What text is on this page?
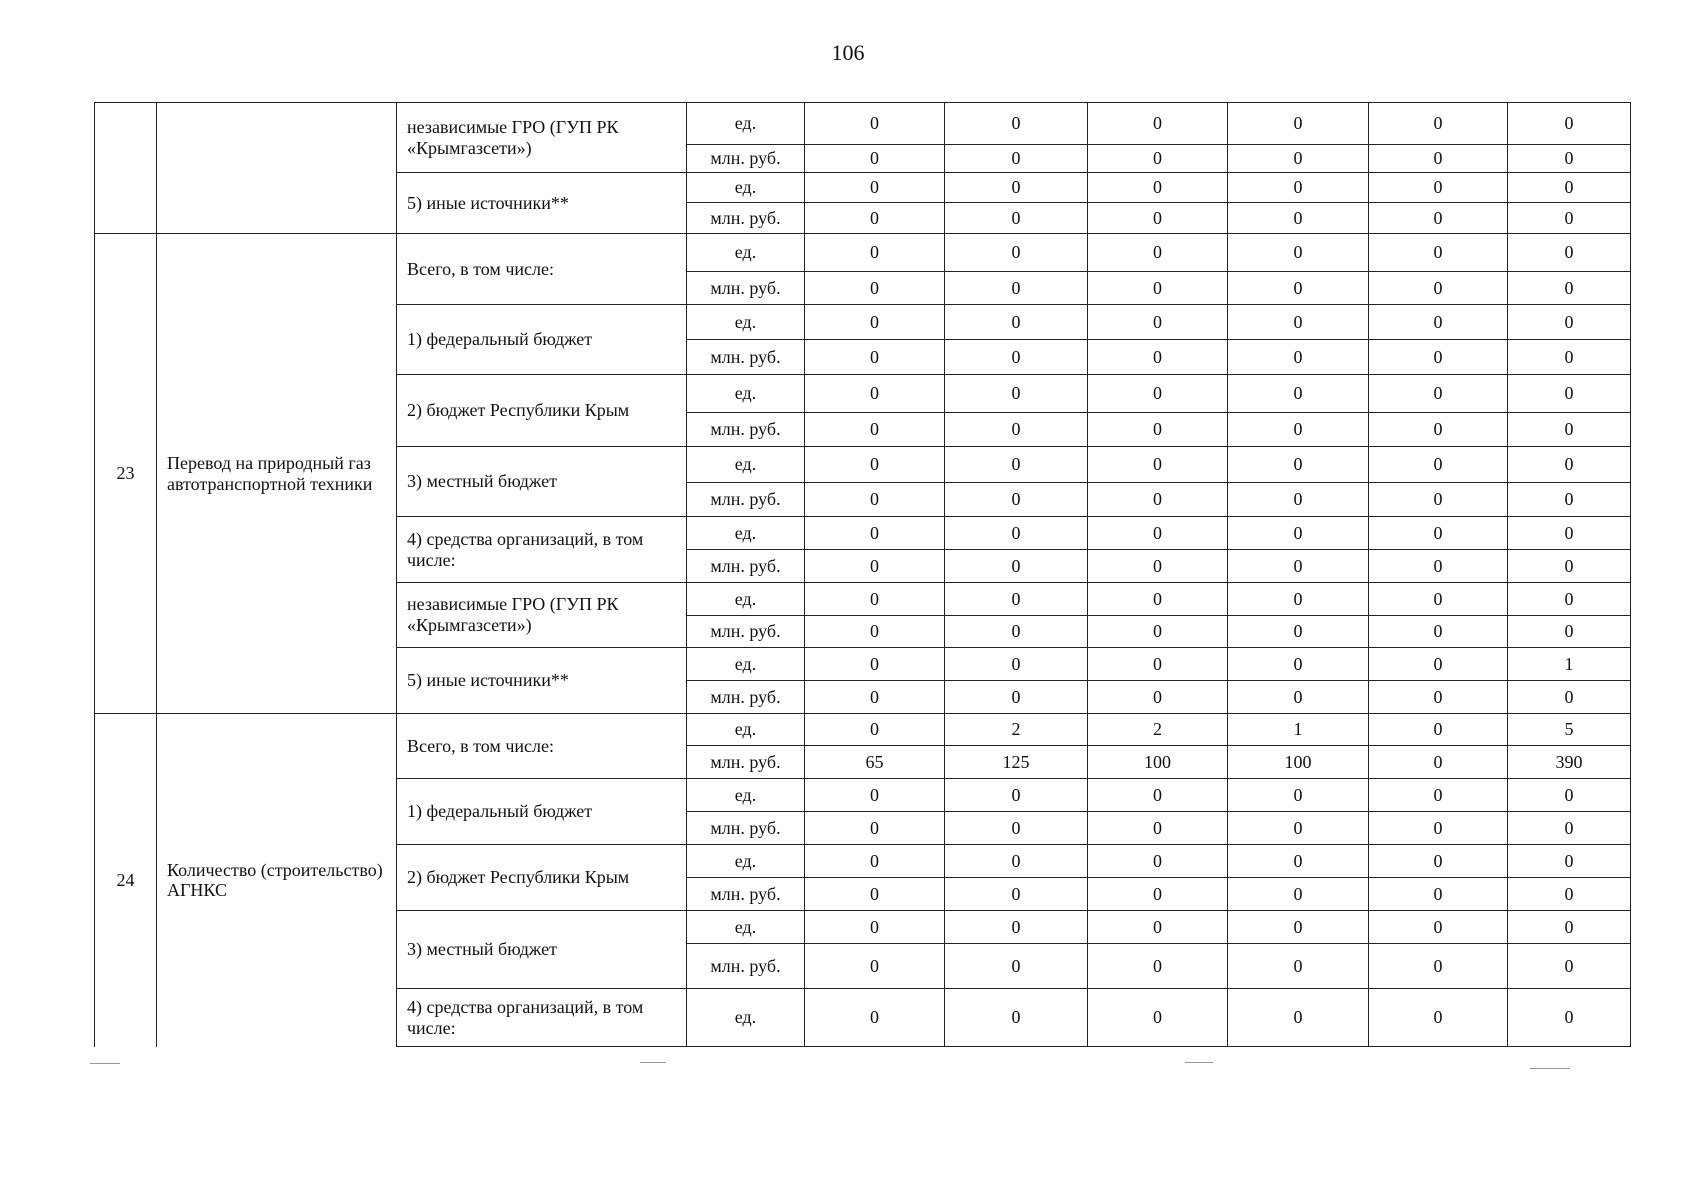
106
		независимые ГРО (ГУП РК «Крымгазсети»)	ед.	0	0	0	0	0	0
			млн. руб.	0	0	0	0	0	0
		5) иные источники**	ед.	0	0	0	0	0	0
			млн. руб.	0	0	0	0	0	0
23	Перевод на природный газ автотранспортной техники	Всего, в том числе:	ед.	0	0	0	0	0	0
			млн. руб.	0	0	0	0	0	0
		1) федеральный бюджет	ед.	0	0	0	0	0	0
			млн. руб.	0	0	0	0	0	0
		2) бюджет Республики Крым	ед.	0	0	0	0	0	0
			млн. руб.	0	0	0	0	0	0
		3) местный бюджет	ед.	0	0	0	0	0	0
			млн. руб.	0	0	0	0	0	0
		4) средства организаций, в том числе:	ед.	0	0	0	0	0	0
			млн. руб.	0	0	0	0	0	0
		независимые ГРО (ГУП РК «Крымгазсети»)	ед.	0	0	0	0	0	0
			млн. руб.	0	0	0	0	0	0
		5) иные источники**	ед.	0	0	0	0	0	1
			млн. руб.	0	0	0	0	0	0
24	Количество (строительство) АГНКС	Всего, в том числе:	ед.	0	2	2	1	0	5
			млн. руб.	65	125	100	100	0	390
		1) федеральный бюджет	ед.	0	0	0	0	0	0
			млн. руб.	0	0	0	0	0	0
		2) бюджет Республики Крым	ед.	0	0	0	0	0	0
			млн. руб.	0	0	0	0	0	0
		3) местный бюджет	ед.	0	0	0	0	0	0
			млн. руб.	0	0	0	0	0	0
		4) средства организаций, в том числе:	ед.	0	0	0	0	0	0
